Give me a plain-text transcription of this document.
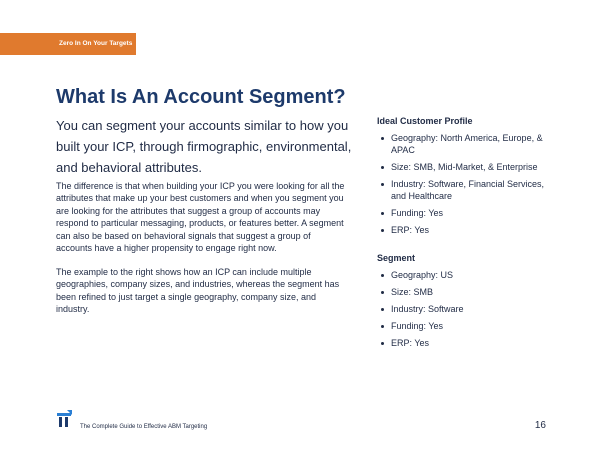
Zero In On Your Targets
What Is An Account Segment?

You can segment your accounts similar to how you built your ICP, through firmographic, environmental, and behavioral attributes.

The difference is that when building your ICP you were looking for all the attributes that make up your best customers and when you segment you are looking for the attributes that suggest a group of accounts may respond to particular messaging, products, or features better. A segment can also be based on behavioral signals that suggest a group of accounts have a higher propensity to engage right now.

The example to the right shows how an ICP can include multiple geographies, company sizes, and industries, whereas the segment has been refined to just target a single geography, company size, and industry.

Ideal Customer Profile
Geography: North America, Europe, & APAC
Size: SMB, Mid-Market, & Enterprise
Industry: Software, Financial Services, and Healthcare
Funding: Yes
ERP: Yes
Segment
Geography: US
Size: SMB
Industry: Software
Funding: Yes
ERP: Yes
The Complete Guide to Effective ABM Targeting	16
